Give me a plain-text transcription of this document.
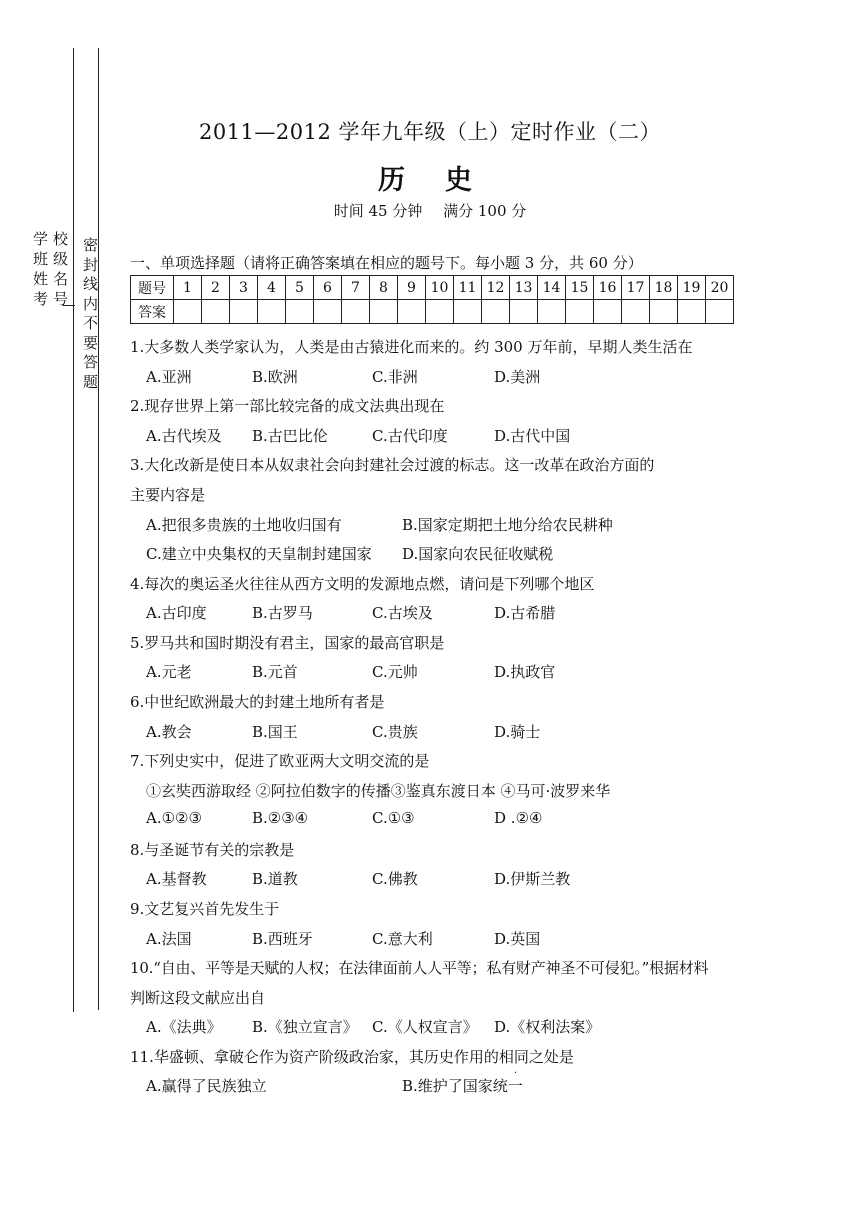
学班姓考
校级名号
密封线内不要答题
2011—2012 学年九年级（上）定时作业（二）
历史
时间 45 分钟 满分 100 分
一、单项选择题（请将正确答案填在相应的题号下。每小题 3 分，共 60 分）
题号	1	2	3	4	5	6	7	8	9	10	11	12	13	14	15	16	17	18	19	20
答案																				
1.大多数人类学家认为，人类是由古猿进化而来的。约 300 万年前，早期人类生活在
A.亚洲	B.欧洲	C.非洲	D.美洲
2.现存世界上第一部比较完备的成文法典出现在
A.古代埃及 B.古巴比伦	C.古代印度	D.古代中国
3.大化改新是使日本从奴隶社会向封建社会过渡的标志。这一改革在政治方面的
主要内容是
A.把很多贵族的土地收归国有	B.国家定期把土地分给农民耕种
C.建立中央集权的天皇制封建国家 D.国家向农民征收赋税
4.每次的奥运圣火往往从西方文明的发源地点燃，请问是下列哪个地区
A.古印度	B.古罗马	C.古埃及	D.古希腊
5.罗马共和国时期没有君主，国家的最高官职是
A.元老	B.元首	C.元帅	D.执政官
6.中世纪欧洲最大的封建土地所有者是
A.教会	B.国王	C.贵族	D.骑士
7.下列史实中，促进了欧亚两大文明交流的是
①玄奘西游取经 ②阿拉伯数字的传播③鉴真东渡日本 ④马可·波罗来华
A.①②③	B.②③④	C.①③	D .②④
8.与圣诞节有关的宗教是
A.基督教	B.道教	C.佛教	D.伊斯兰教
9.文艺复兴首先发生于
A.法国	B.西班牙	C.意大利	D.英国
10.“自由、平等是天赋的人权；在法律面前人人平等；私有财产神圣不可侵犯。”根据材料
判断这段文献应出自
A.《法典》 B.《独立宣言》 C.《人权宣言》 D.《权利法案》
11.华盛顿、拿破仑作为资产阶级政治家，其历史作用的相同之处是
A.赢得了民族独立	B.维护了国家统一
